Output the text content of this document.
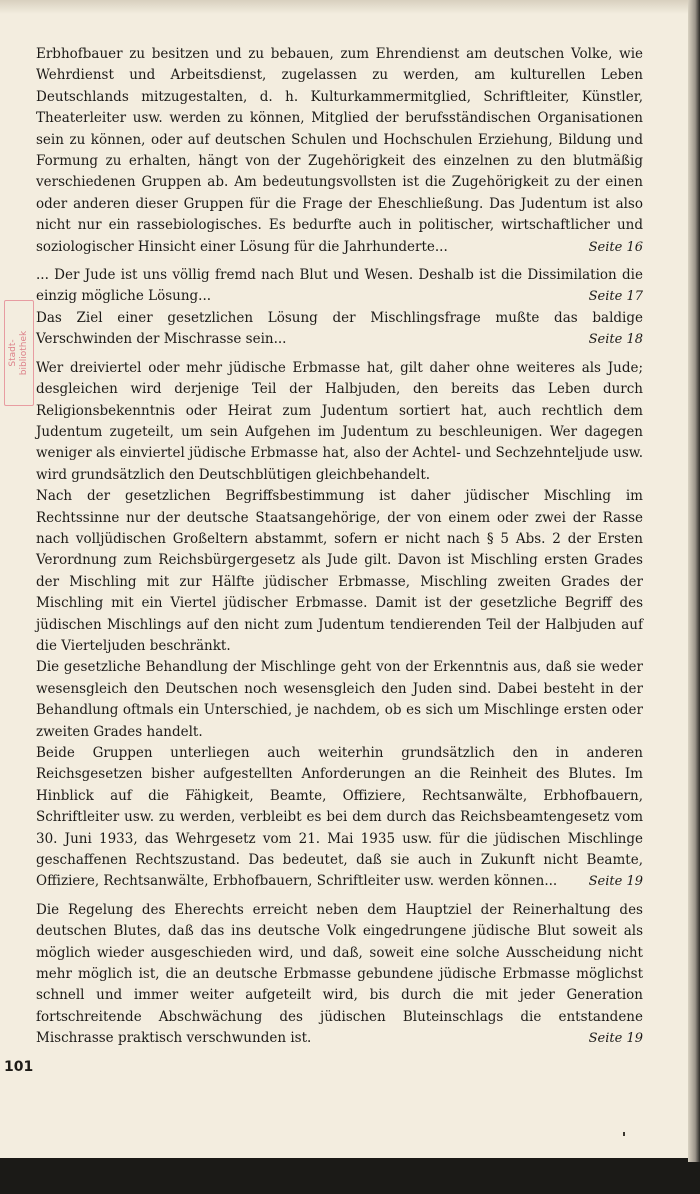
Stadt-
bibliothek

Erbhofbauer zu besitzen und zu bebauen, zum Ehrendienst am deutschen Volke, wie Wehrdienst und Arbeitsdienst, zugelassen zu werden, am kulturellen Leben Deutschlands mitzugestalten, d. h. Kulturkammermitglied, Schriftleiter, Künstler, Theaterleiter usw. werden zu können, Mitglied der berufsständischen Organisationen sein zu können, oder auf deutschen Schulen und Hochschulen Erziehung, Bildung und Formung zu erhalten, hängt von der Zugehörigkeit des einzelnen zu den blutmäßig verschiedenen Gruppen ab. Am bedeutungsvollsten ist die Zugehörigkeit zu der einen oder anderen dieser Gruppen für die Frage der Eheschließung. Das Judentum ist also nicht nur ein rassebiologisches. Es bedurfte auch in politischer, wirtschaftlicher und soziologischer Hinsicht einer Lösung für die Jahrhunderte...	Seite 16

... Der Jude ist uns völlig fremd nach Blut und Wesen. Deshalb ist die Dissimilation die einzig mögliche Lösung...	Seite 17

Das Ziel einer gesetzlichen Lösung der Mischlingsfrage mußte das baldige Verschwinden der Mischrasse sein...	Seite 18

Wer dreiviertel oder mehr jüdische Erbmasse hat, gilt daher ohne weiteres als Jude; desgleichen wird derjenige Teil der Halbjuden, den bereits das Leben durch Religionsbekenntnis oder Heirat zum Judentum sortiert hat, auch rechtlich dem Judentum zugeteilt, um sein Aufgehen im Judentum zu beschleunigen. Wer dagegen weniger als einviertel jüdische Erbmasse hat, also der Achtel- und Sechzehnteljude usw. wird grundsätzlich den Deutschblütigen gleichbehandelt.

Nach der gesetzlichen Begriffsbestimmung ist daher jüdischer Mischling im Rechtssinne nur der deutsche Staatsangehörige, der von einem oder zwei der Rasse nach volljüdischen Großeltern abstammt, sofern er nicht nach § 5 Abs. 2 der Ersten Verordnung zum Reichsbürgergesetz als Jude gilt. Davon ist Mischling ersten Grades der Mischling mit zur Hälfte jüdischer Erbmasse, Mischling zweiten Grades der Mischling mit ein Viertel jüdischer Erbmasse. Damit ist der gesetzliche Begriff des jüdischen Mischlings auf den nicht zum Judentum tendierenden Teil der Halbjuden auf die Vierteljuden beschränkt.

Die gesetzliche Behandlung der Mischlinge geht von der Erkenntnis aus, daß sie weder wesensgleich den Deutschen noch wesensgleich den Juden sind. Dabei besteht in der Behandlung oftmals ein Unterschied, je nachdem, ob es sich um Mischlinge ersten oder zweiten Grades handelt.

Beide Gruppen unterliegen auch weiterhin grundsätzlich den in anderen Reichsgesetzen bisher aufgestellten Anforderungen an die Reinheit des Blutes. Im Hinblick auf die Fähigkeit, Beamte, Offiziere, Rechtsanwälte, Erbhofbauern, Schriftleiter usw. zu werden, verbleibt es bei dem durch das Reichsbeamtengesetz vom 30. Juni 1933, das Wehrgesetz vom 21. Mai 1935 usw. für die jüdischen Mischlinge geschaffenen Rechtszustand. Das bedeutet, daß sie auch in Zukunft nicht Beamte, Offiziere, Rechtsanwälte, Erbhofbauern, Schriftleiter usw. werden können...	Seite 19

Die Regelung des Eherechts erreicht neben dem Hauptziel der Reinerhaltung des deutschen Blutes, daß das ins deutsche Volk eingedrungene jüdische Blut soweit als möglich wieder ausgeschieden wird, und daß, soweit eine solche Ausscheidung nicht mehr möglich ist, die an deutsche Erbmasse gebundene jüdische Erbmasse möglichst schnell und immer weiter aufgeteilt wird, bis durch die mit jeder Generation fortschreitende Abschwächung des jüdischen Bluteinschlags die entstandene Mischrasse praktisch verschwunden ist.	Seite 19

101
